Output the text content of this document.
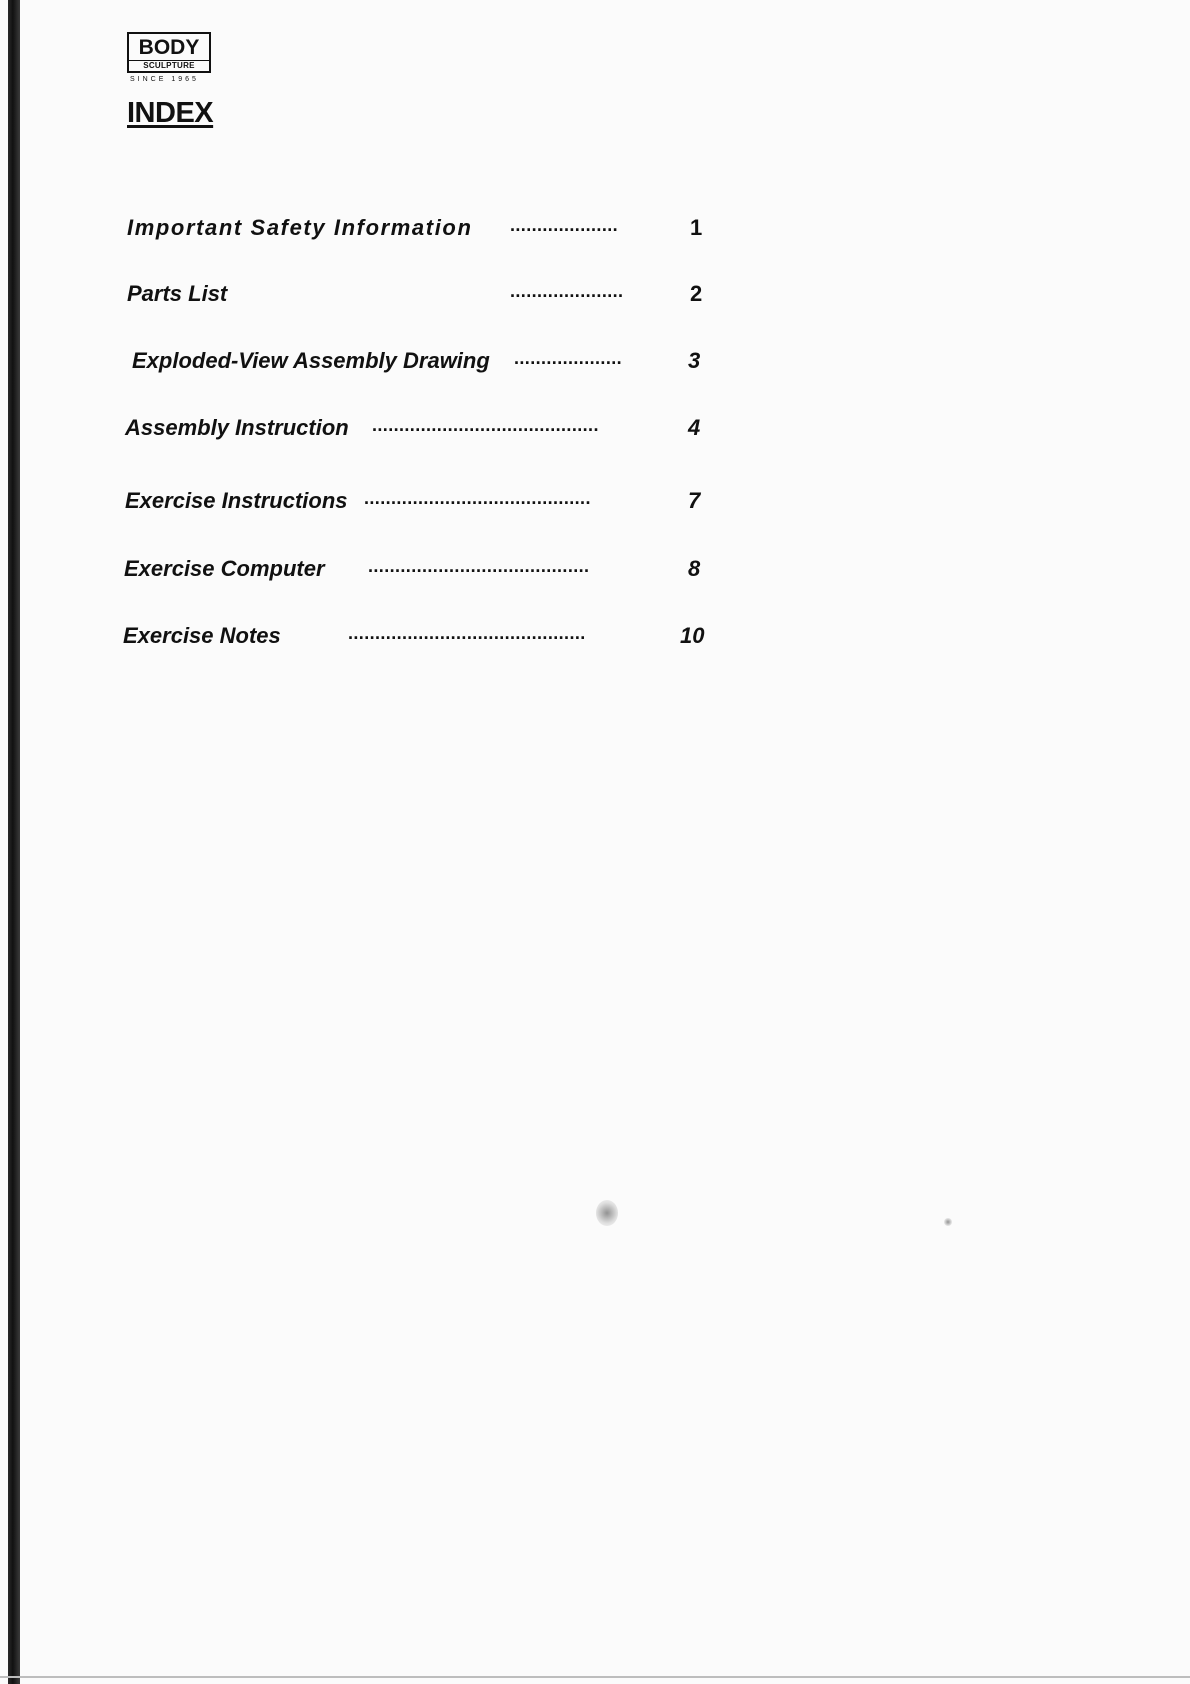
BODY
SCULPTURE
SINCE 1965
INDEX
Important Safety Information ....................	1
Parts List	.....................	2
Exploded-View Assembly Drawing ....................	3
Assembly Instruction ..........................................	4
Exercise Instructions ..........................................	7
Exercise Computer .........................................	8
Exercise Notes	............................................	10
